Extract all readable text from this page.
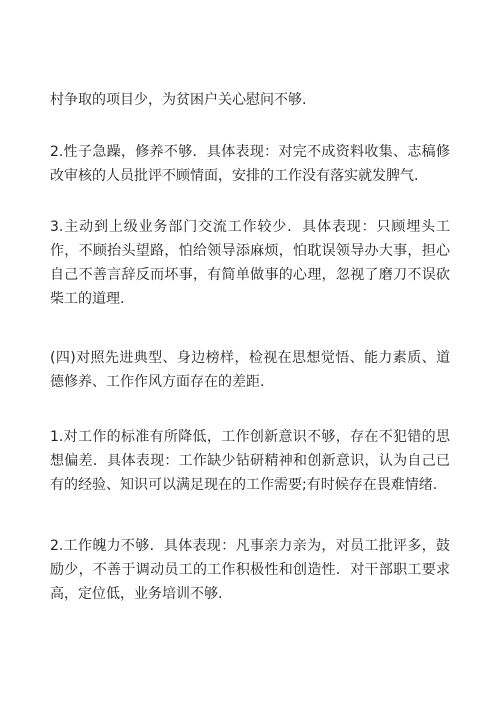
村争取的项目少，为贫困户关心慰问不够.

2.性子急躁，修养不够．具体表现：对完不成资料收集、志稿修改审核的人员批评不顾情面，安排的工作没有落实就发脾气.

3.主动到上级业务部门交流工作较少．具体表现：只顾埋头工作，不顾抬头望路，怕给领导添麻烦，怕耽误领导办大事，担心自己不善言辞反而坏事，有简单做事的心理，忽视了磨刀不误砍柴工的道理.

(四)对照先进典型、身边榜样，检视在思想觉悟、能力素质、道德修养、工作作风方面存在的差距.

1.对工作的标准有所降低，工作创新意识不够，存在不犯错的思想偏差．具体表现：工作缺少钻研精神和创新意识，认为自己已有的经验、知识可以满足现在的工作需要;有时候存在畏难情绪.

2.工作魄力不够．具体表现：凡事亲力亲为，对员工批评多，鼓励少，不善于调动员工的工作积极性和创造性．对干部职工要求高，定位低，业务培训不够.
